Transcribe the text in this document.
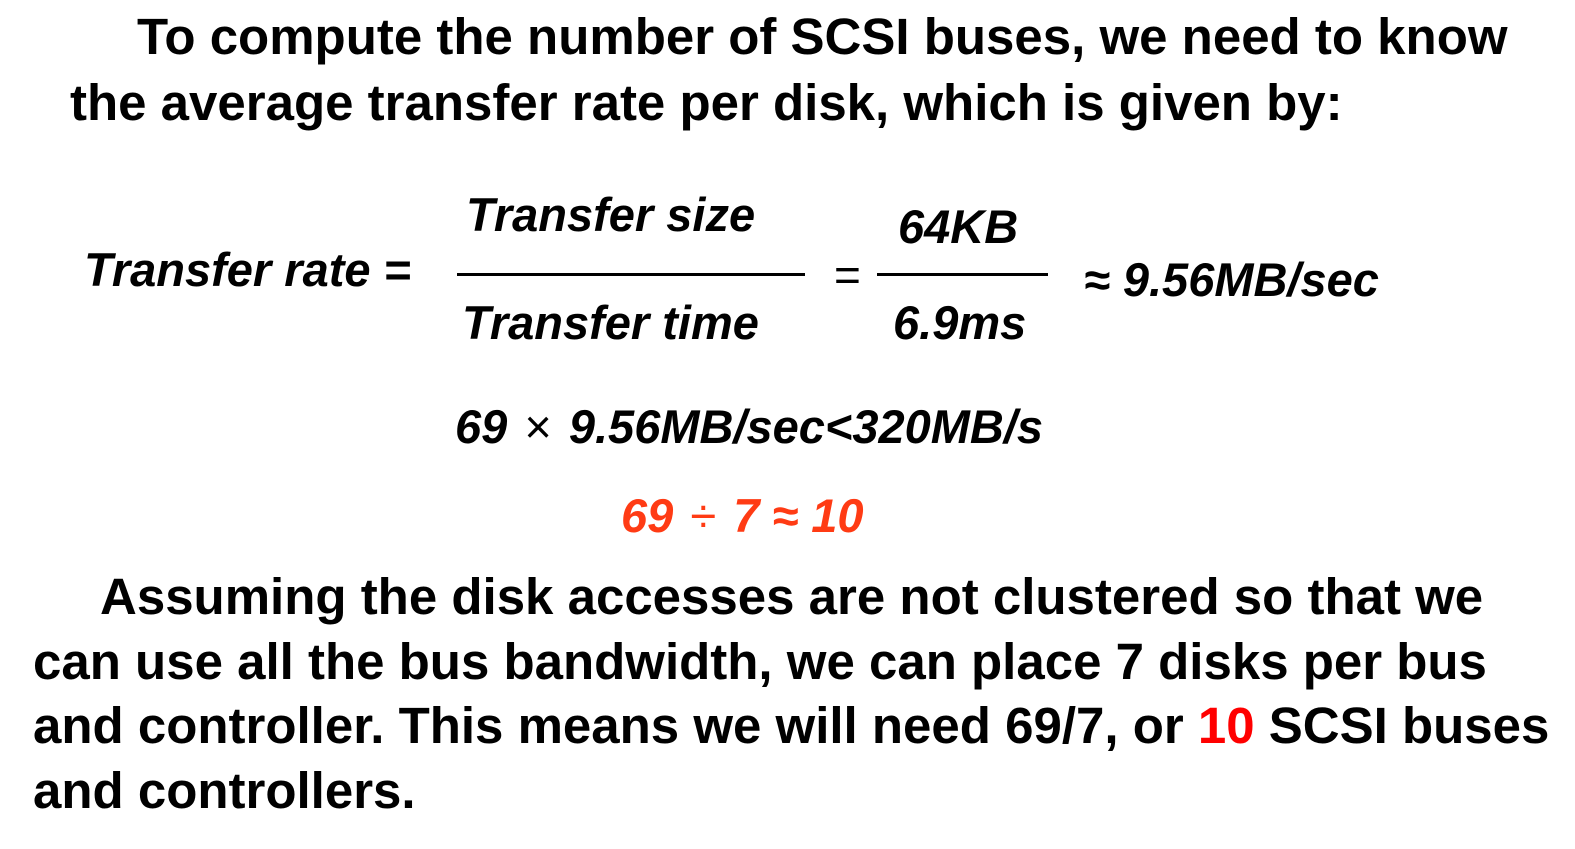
To compute the number of SCSI buses, we need to know the average transfer rate per disk, which is given by:

Transfer rate =
Transfer size
Transfer time
=
64KB
6.9ms
≈ 9.56MB/sec
69 × 9.56MB/sec<320MB/s
69 ÷ 7 ≈ 10

Assuming the disk accesses are not clustered so that we can use all the bus bandwidth, we can place 7 disks per bus and controller. This means we will need 69/7, or 10 SCSI buses and controllers.
